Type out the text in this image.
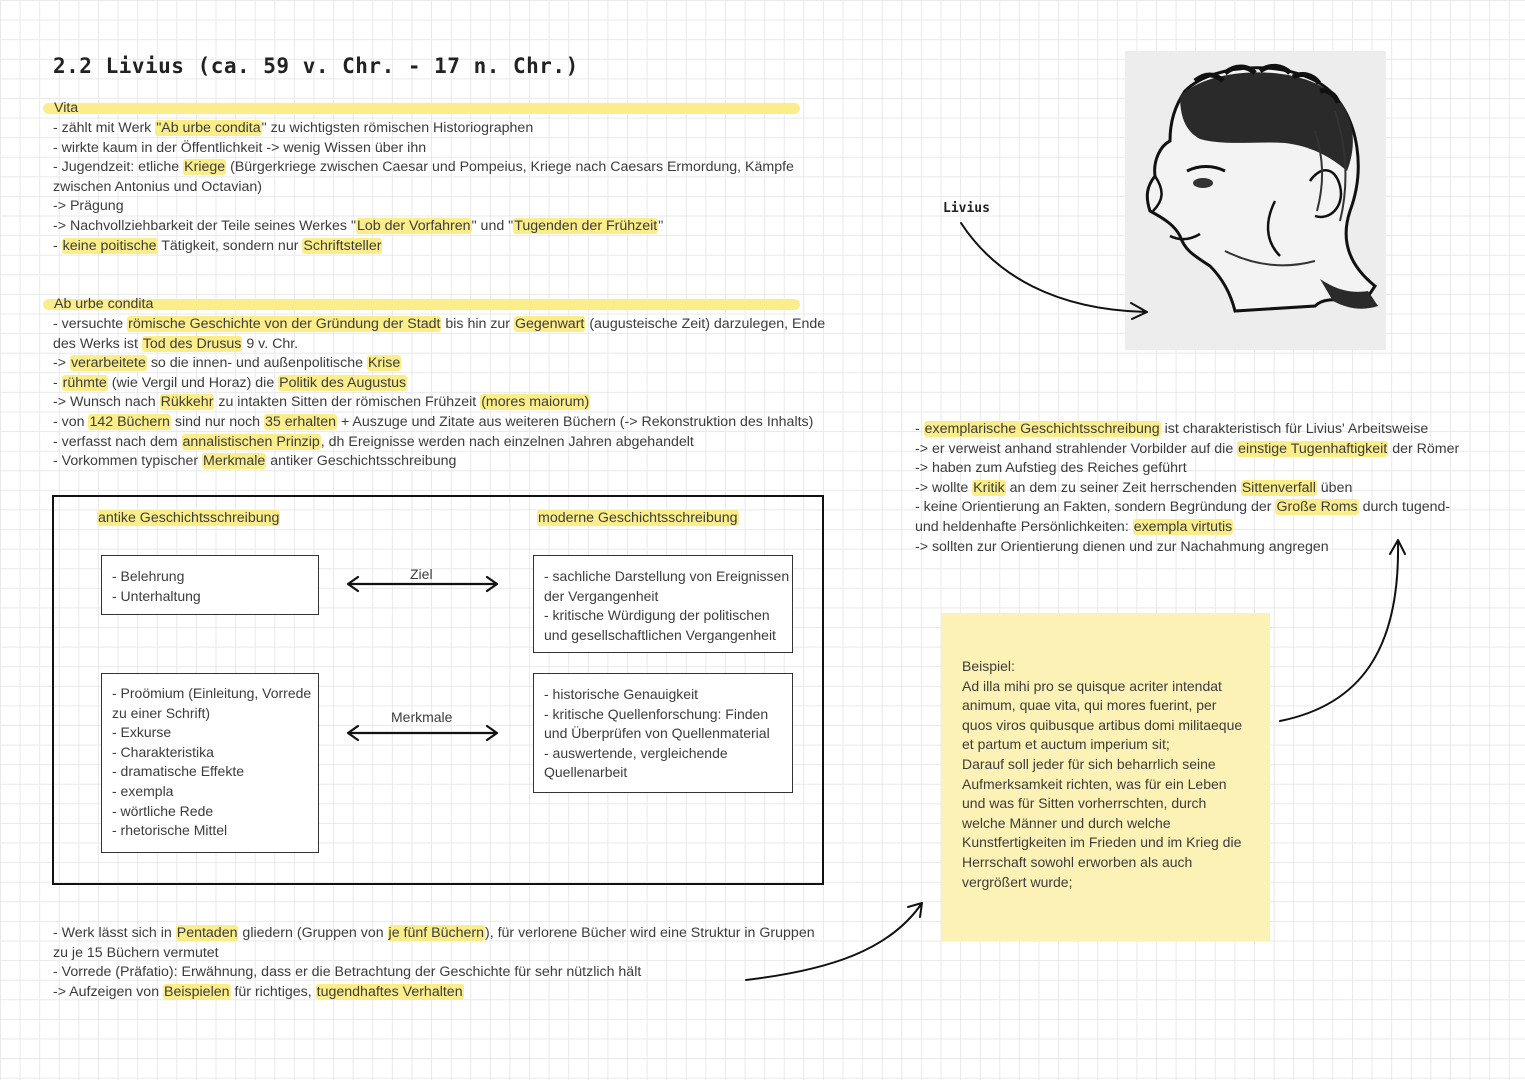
2.2 Livius (ca. 59 v. Chr. - 17 n. Chr.)
Vita
- zählt mit Werk "Ab urbe condita" zu wichtigsten römischen Historiographen
- wirkte kaum in der Öffentlichkeit -> wenig Wissen über ihn
- Jugendzeit: etliche Kriege (Bürgerkriege zwischen Caesar und Pompeius, Kriege nach Caesars Ermordung, Kämpfe
zwischen Antonius und Octavian)
-> Prägung
-> Nachvollziehbarkeit der Teile seines Werkes "Lob der Vorfahren" und "Tugenden der Frühzeit"
- keine poitische Tätigkeit, sondern nur Schriftsteller
Ab urbe condita
- versuchte römische Geschichte von der Gründung der Stadt bis hin zur Gegenwart (augusteische Zeit) darzulegen, Ende
des Werks ist Tod des Drusus 9 v. Chr.
-> verarbeitete so die innen- und außenpolitische Krise
- rühmte (wie Vergil und Horaz) die Politik des Augustus
-> Wunsch nach Rükkehr zu intakten Sitten der römischen Frühzeit (mores maiorum)
- von 142 Büchern sind nur noch 35 erhalten + Auszuge und Zitate aus weiteren Büchern (-> Rekonstruktion des Inhalts)
- verfasst nach dem annalistischen Prinzip, dh Ereignisse werden nach einzelnen Jahren abgehandelt
- Vorkommen typischer Merkmale antiker Geschichtsschreibung
antike Geschichtsschreibung	moderne Geschichtsschreibung
- Belehrung
- Unterhaltung
- sachliche Darstellung von Ereignissen
der Vergangenheit
- kritische Würdigung der politischen
und gesellschaftlichen Vergangenheit
- Proömium (Einleitung, Vorrede
zu einer Schrift)
- Exkurse
- Charakteristika
- dramatische Effekte
- exempla
- wörtliche Rede
- rhetorische Mittel
- historische Genauigkeit
- kritische Quellenforschung: Finden
und Überprüfen von Quellenmaterial
- auswertende, vergleichende
Quellenarbeit
Ziel
Merkmale
- Werk lässt sich in Pentaden gliedern (Gruppen von je fünf Büchern), für verlorene Bücher wird eine Struktur in Gruppen
zu je 15 Büchern vermutet
- Vorrede (Präfatio): Erwähnung, dass er die Betrachtung der Geschichte für sehr nützlich hält
-> Aufzeigen von Beispielen für richtiges, tugendhaftes Verhalten
Livius
- exemplarische Geschichtsschreibung ist charakteristisch für Livius' Arbeitsweise
-> er verweist anhand strahlender Vorbilder auf die einstige Tugenhaftigkeit der Römer
-> haben zum Aufstieg des Reiches geführt
-> wollte Kritik an dem zu seiner Zeit herrschenden Sittenverfall üben
- keine Orientierung an Fakten, sondern Begründung der Große Roms durch tugend-
und heldenhafte Persönlichkeiten: exempla virtutis
-> sollten zur Orientierung dienen und zur Nachahmung angregen
Beispiel:
Ad illa mihi pro se quisque acriter intendat
animum, quae vita, qui mores fuerint, per
quos viros quibusque artibus domi militaeque
et partum et auctum imperium sit;
Darauf soll jeder für sich beharrlich seine
Aufmerksamkeit richten, was für ein Leben
und was für Sitten vorherrschten, durch
welche Männer und durch welche
Kunstfertigkeiten im Frieden und im Krieg die
Herrschaft sowohl erworben als auch
vergrößert wurde;
